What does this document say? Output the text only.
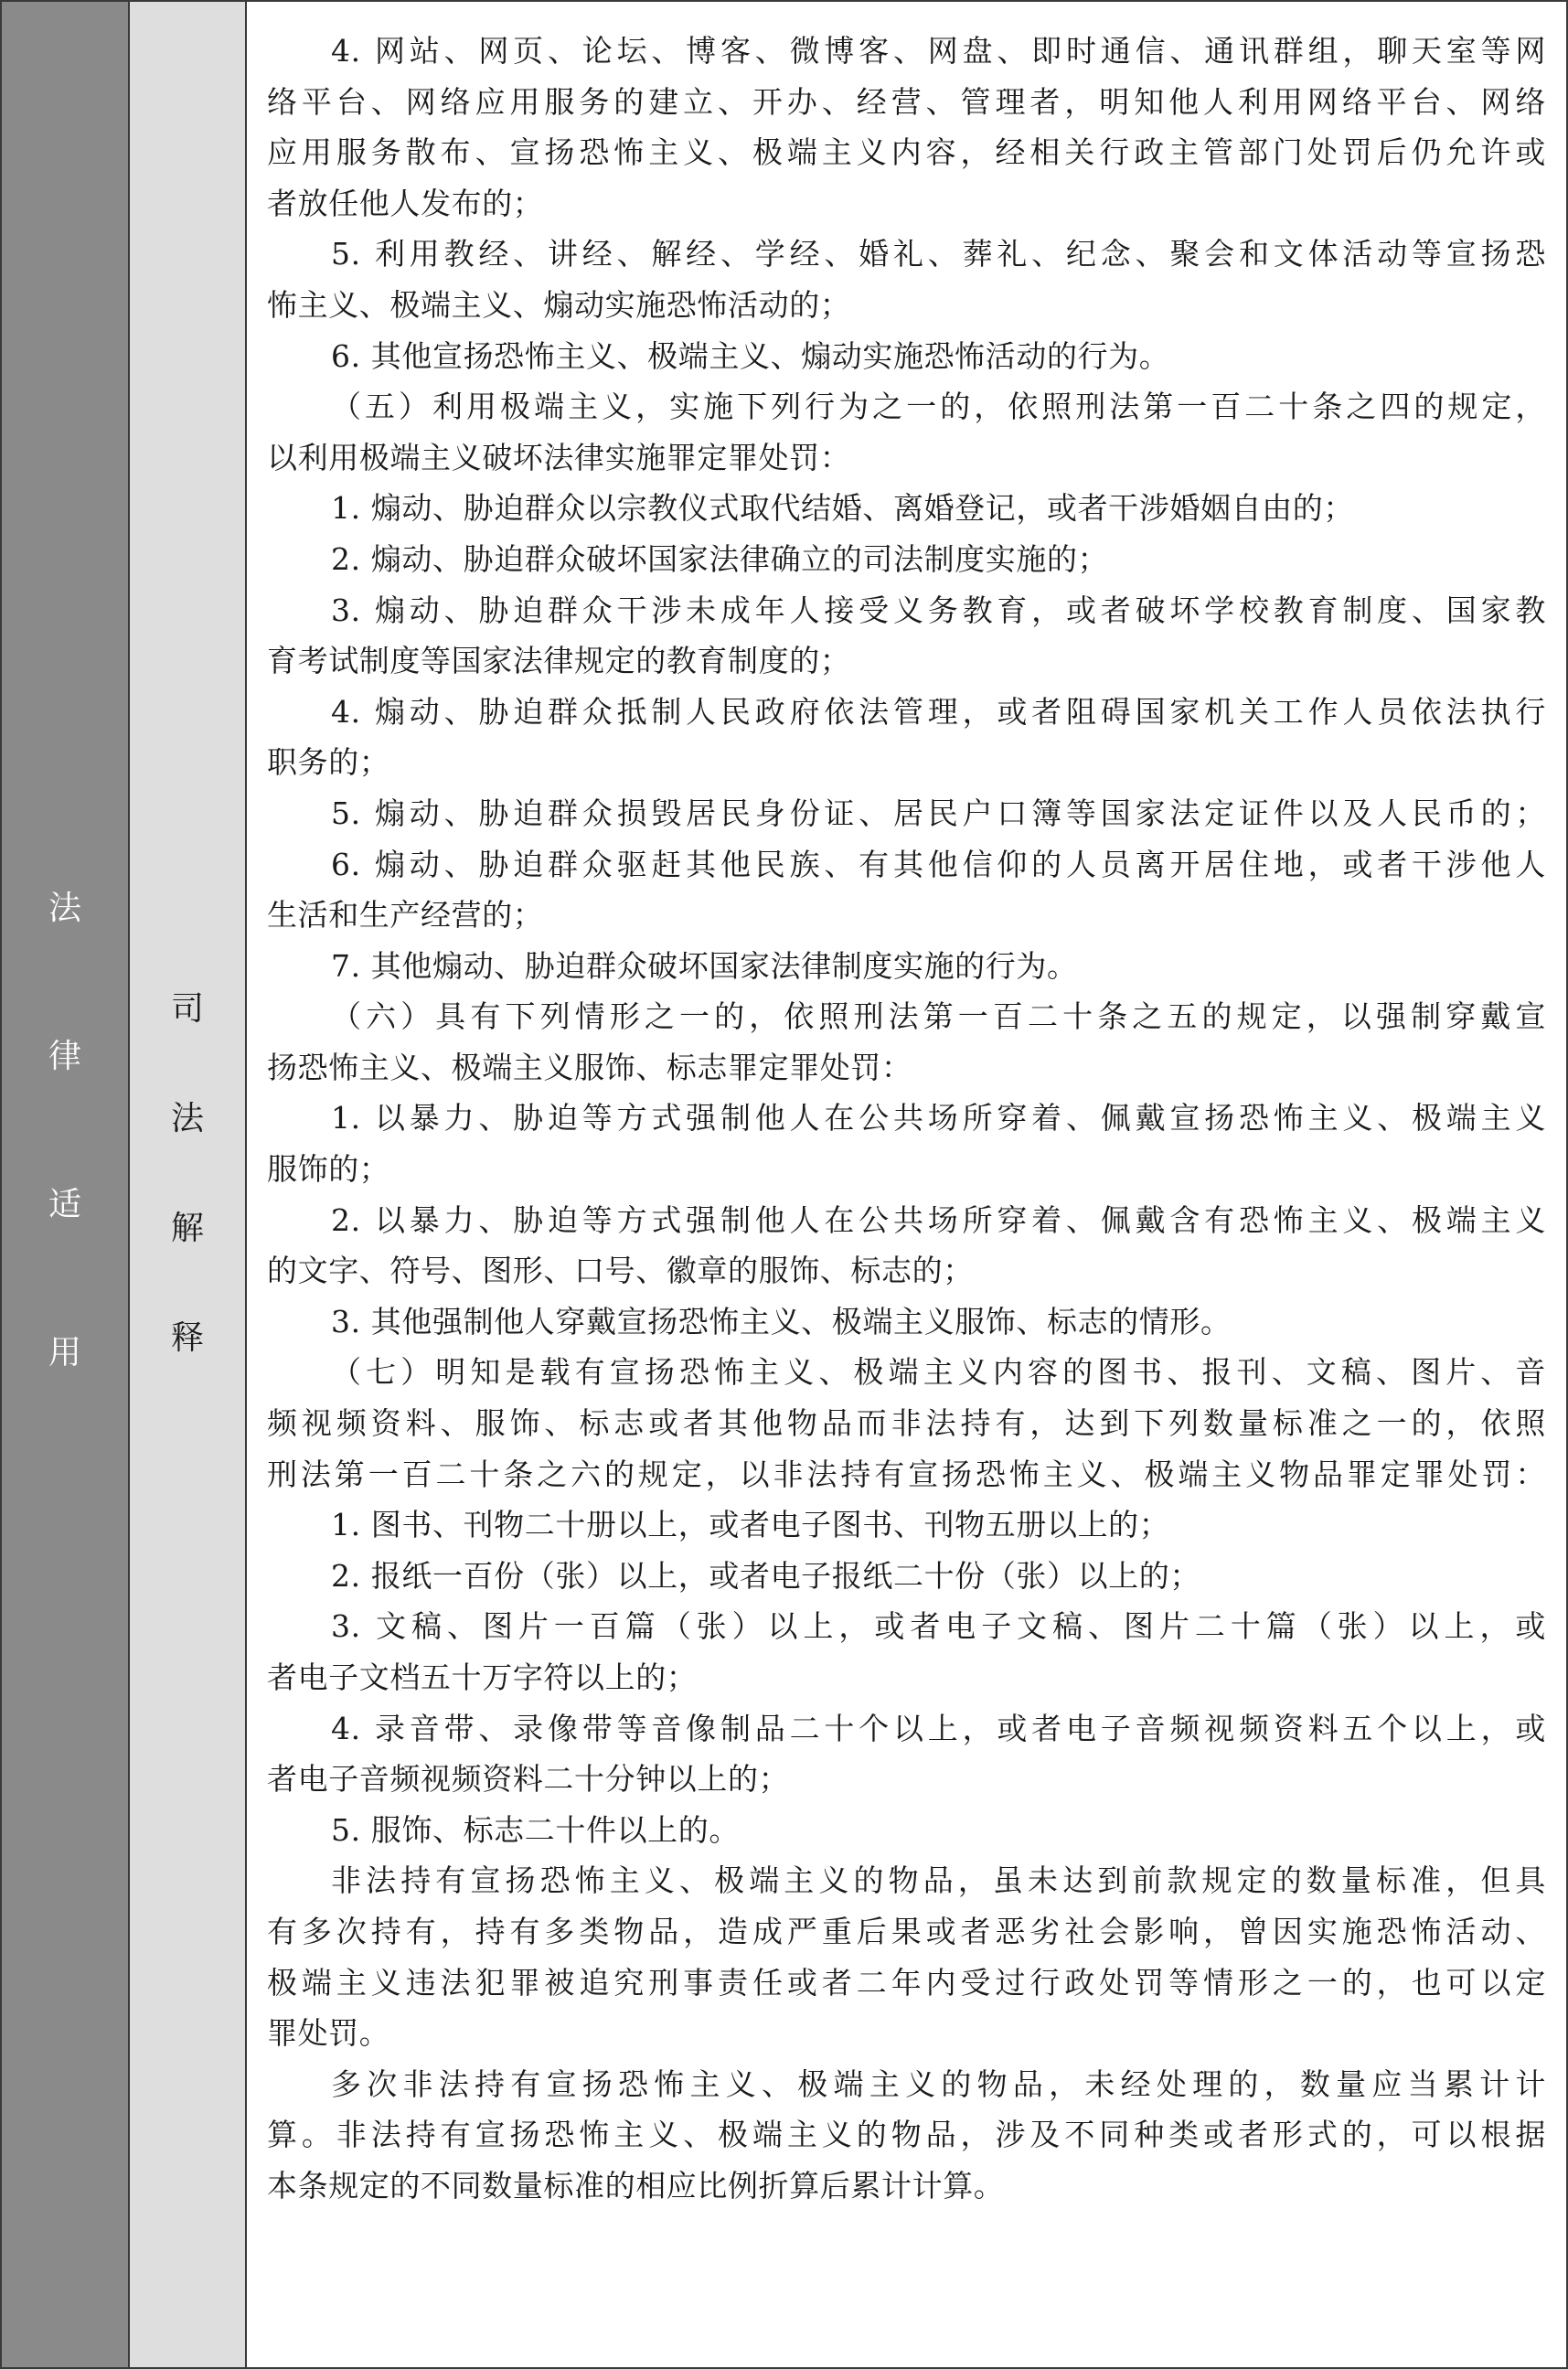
法
律
适
用
司
法
解
释
4. 网站、网页、论坛、博客、微博客、网盘、即时通信、通讯群组，聊天室等网
络平台、网络应用服务的建立、开办、经营、管理者，明知他人利用网络平台、网络
应用服务散布、宣扬恐怖主义、极端主义内容，经相关行政主管部门处罚后仍允许或
者放任他人发布的；
5. 利用教经、讲经、解经、学经、婚礼、葬礼、纪念、聚会和文体活动等宣扬恐
怖主义、极端主义、煽动实施恐怖活动的；
6. 其他宣扬恐怖主义、极端主义、煽动实施恐怖活动的行为。
（五）利用极端主义，实施下列行为之一的，依照刑法第一百二十条之四的规定，
以利用极端主义破坏法律实施罪定罪处罚：
1. 煽动、胁迫群众以宗教仪式取代结婚、离婚登记，或者干涉婚姻自由的；
2. 煽动、胁迫群众破坏国家法律确立的司法制度实施的；
3. 煽动、胁迫群众干涉未成年人接受义务教育，或者破坏学校教育制度、国家教
育考试制度等国家法律规定的教育制度的；
4. 煽动、胁迫群众抵制人民政府依法管理，或者阻碍国家机关工作人员依法执行
职务的；
5. 煽动、胁迫群众损毁居民身份证、居民户口簿等国家法定证件以及人民币的；
6. 煽动、胁迫群众驱赶其他民族、有其他信仰的人员离开居住地，或者干涉他人
生活和生产经营的；
7. 其他煽动、胁迫群众破坏国家法律制度实施的行为。
（六）具有下列情形之一的，依照刑法第一百二十条之五的规定，以强制穿戴宣
扬恐怖主义、极端主义服饰、标志罪定罪处罚：
1. 以暴力、胁迫等方式强制他人在公共场所穿着、佩戴宣扬恐怖主义、极端主义
服饰的；
2. 以暴力、胁迫等方式强制他人在公共场所穿着、佩戴含有恐怖主义、极端主义
的文字、符号、图形、口号、徽章的服饰、标志的；
3. 其他强制他人穿戴宣扬恐怖主义、极端主义服饰、标志的情形。
（七）明知是载有宣扬恐怖主义、极端主义内容的图书、报刊、文稿、图片、音
频视频资料、服饰、标志或者其他物品而非法持有，达到下列数量标准之一的，依照
刑法第一百二十条之六的规定，以非法持有宣扬恐怖主义、极端主义物品罪定罪处罚：
1. 图书、刊物二十册以上，或者电子图书、刊物五册以上的；
2. 报纸一百份（张）以上，或者电子报纸二十份（张）以上的；
3. 文稿、图片一百篇（张）以上，或者电子文稿、图片二十篇（张）以上，或
者电子文档五十万字符以上的；
4. 录音带、录像带等音像制品二十个以上，或者电子音频视频资料五个以上，或
者电子音频视频资料二十分钟以上的；
5. 服饰、标志二十件以上的。
非法持有宣扬恐怖主义、极端主义的物品，虽未达到前款规定的数量标准，但具
有多次持有，持有多类物品，造成严重后果或者恶劣社会影响，曾因实施恐怖活动、
极端主义违法犯罪被追究刑事责任或者二年内受过行政处罚等情形之一的，也可以定
罪处罚。
多次非法持有宣扬恐怖主义、极端主义的物品，未经处理的，数量应当累计计
算。非法持有宣扬恐怖主义、极端主义的物品，涉及不同种类或者形式的，可以根据
本条规定的不同数量标准的相应比例折算后累计计算。
